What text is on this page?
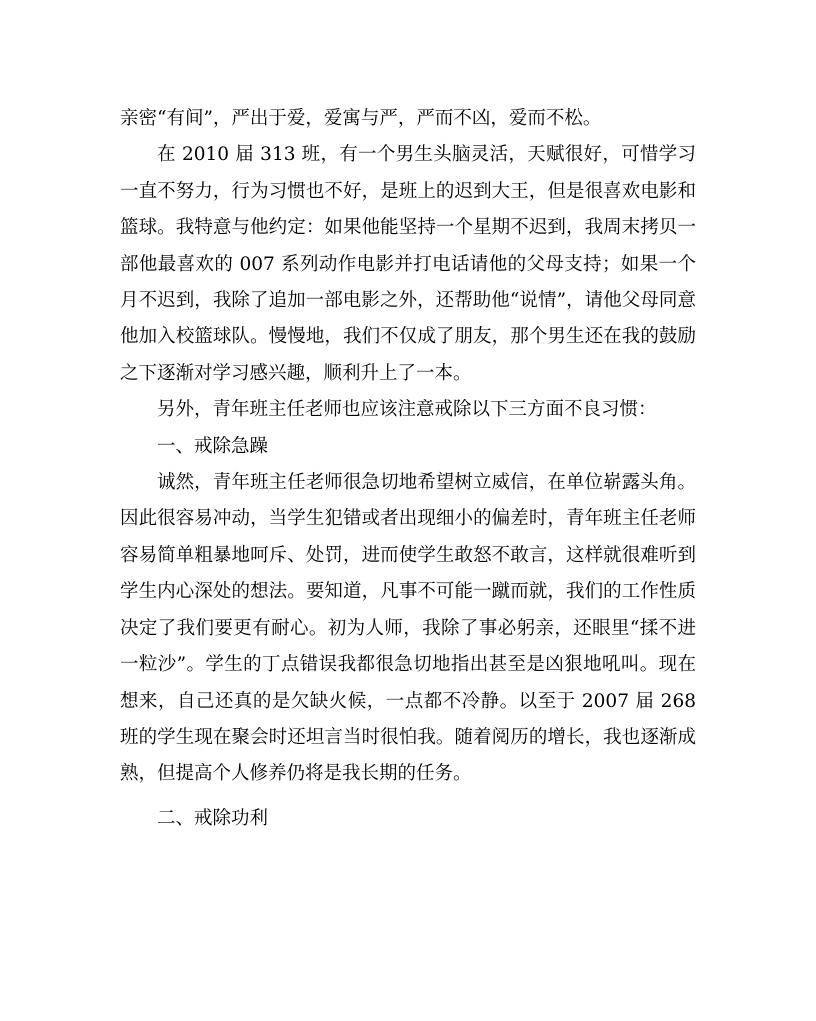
亲密“有间”，严出于爱，爱寓与严，严而不凶，爱而不松。

在 2010 届 313 班，有一个男生头脑灵活，天赋很好，可惜学习一直不努力，行为习惯也不好，是班上的迟到大王，但是很喜欢电影和篮球。我特意与他约定：如果他能坚持一个星期不迟到，我周末拷贝一部他最喜欢的 007 系列动作电影并打电话请他的父母支持；如果一个月不迟到，我除了追加一部电影之外，还帮助他“说情”，请他父母同意他加入校篮球队。慢慢地，我们不仅成了朋友，那个男生还在我的鼓励之下逐渐对学习感兴趣，顺利升上了一本。

另外，青年班主任老师也应该注意戒除以下三方面不良习惯：

一、戒除急躁

诚然，青年班主任老师很急切地希望树立威信，在单位崭露头角。因此很容易冲动，当学生犯错或者出现细小的偏差时，青年班主任老师容易简单粗暴地呵斥、处罚，进而使学生敢怒不敢言，这样就很难听到学生内心深处的想法。要知道，凡事不可能一蹴而就，我们的工作性质决定了我们要更有耐心。初为人师，我除了事必躬亲，还眼里“揉不进一粒沙”。学生的丁点错误我都很急切地指出甚至是凶狠地吼叫。现在想来，自己还真的是欠缺火候，一点都不冷静。以至于 2007 届 268 班的学生现在聚会时还坦言当时很怕我。随着阅历的增长，我也逐渐成熟，但提高个人修养仍将是我长期的任务。

二、戒除功利
